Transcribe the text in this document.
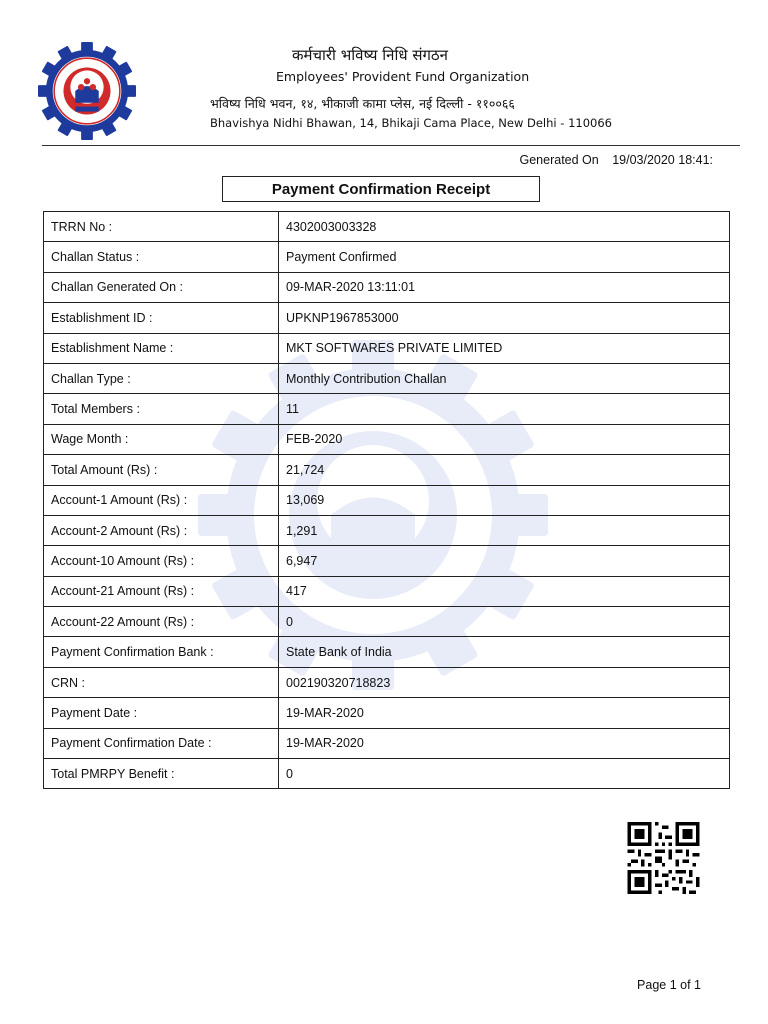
कर्मचारी भविष्य निधि संगठन
Employees' Provident Fund Organization
भविष्य निधि भवन, १४, भीकाजी कामा प्लेस, नई दिल्ली - ११००६६
Bhavishya Nidhi Bhawan, 14, Bhikaji Cama Place, New Delhi - 110066
Generated On 19/03/2020 18:41:
Payment Confirmation Receipt
TRRN No :	4302003003328
Challan Status :	Payment Confirmed
Challan Generated On :	09-MAR-2020 13:11:01
Establishment ID :	UPKNP1967853000
Establishment Name :	MKT SOFTWARES PRIVATE LIMITED
Challan Type :	Monthly Contribution Challan
Total Members :	11
Wage Month :	FEB-2020
Total Amount (Rs) :	21,724
Account-1 Amount (Rs) :	13,069
Account-2 Amount (Rs) :	1,291
Account-10 Amount (Rs) :	6,947
Account-21 Amount (Rs) :	417
Account-22 Amount (Rs) :	0
Payment Confirmation Bank :	State Bank of India
CRN :	002190320718823
Payment Date :	19-MAR-2020
Payment Confirmation Date :	19-MAR-2020
Total PMRPY Benefit :	0
Page 1 of 1
